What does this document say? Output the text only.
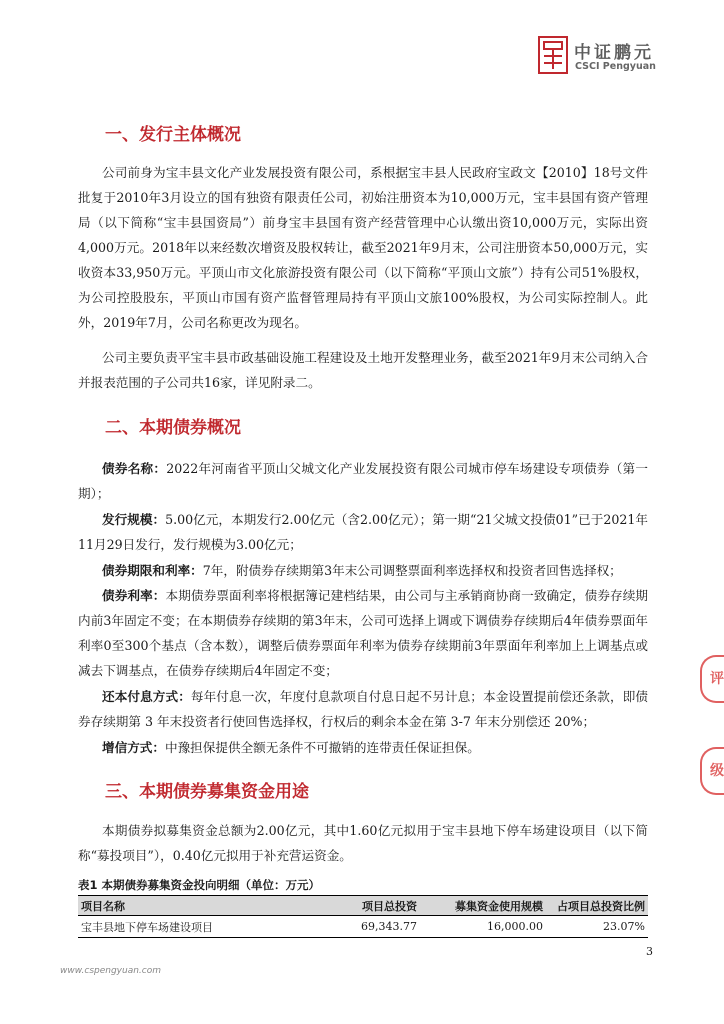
中证鹏元
CSCI Pengyuan
一、发行主体概况

公司前身为宝丰县文化产业发展投资有限公司，系根据宝丰县人民政府宝政文【2010】18号文件批复于2010年3月设立的国有独资有限责任公司，初始注册资本为10,000万元，宝丰县国有资产管理局（以下简称“宝丰县国资局”）前身宝丰县国有资产经营管理中心认缴出资10,000万元，实际出资4,000万元。2018年以来经数次增资及股权转让，截至2021年9月末，公司注册资本50,000万元，实收资本33,950万元。平顶山市文化旅游投资有限公司（以下简称“平顶山文旅”）持有公司51%股权，为公司控股股东，平顶山市国有资产监督管理局持有平顶山文旅100%股权，为公司实际控制人。此外，2019年7月，公司名称更改为现名。

公司主要负责平宝丰县市政基础设施工程建设及土地开发整理业务，截至2021年9月末公司纳入合并报表范围的子公司共16家，详见附录二。

二、本期债券概况

债券名称：2022年河南省平顶山父城文化产业发展投资有限公司城市停车场建设专项债券（第一期）；

发行规模：5.00亿元，本期发行2.00亿元（含2.00亿元）；第一期“21父城文投债01”已于2021年11月29日发行，发行规模为3.00亿元；

债券期限和利率：7年，附债券存续期第3年末公司调整票面利率选择权和投资者回售选择权；

债券利率：本期债券票面利率将根据簿记建档结果，由公司与主承销商协商一致确定，债券存续期内前3年固定不变；在本期债券存续期的第3年末，公司可选择上调或下调债券存续期后4年债券票面年利率0至300个基点（含本数），调整后债券票面年利率为债券存续期前3年票面年利率加上上调基点或减去下调基点，在债券存续期后4年固定不变；

还本付息方式：每年付息一次，年度付息款项自付息日起不另计息；本金设置提前偿还条款，即债券存续期第 3 年末投资者行使回售选择权，行权后的剩余本金在第 3-7 年末分别偿还 20%；

增信方式：中豫担保提供全额无条件不可撤销的连带责任保证担保。

三、本期债券募集资金用途

本期债券拟募集资金总额为2.00亿元，其中1.60亿元拟用于宝丰县地下停车场建设项目（以下简称“募投项目”），0.40亿元拟用于补充营运资金。

表1 本期债券募集资金投向明细（单位：万元）
项目名称	项目总投资	募集资金使用规模	占项目总投资比例
宝丰县地下停车场建设项目	69,343.77	16,000.00	23.07%
3
www.cspengyuan.com
评
级
